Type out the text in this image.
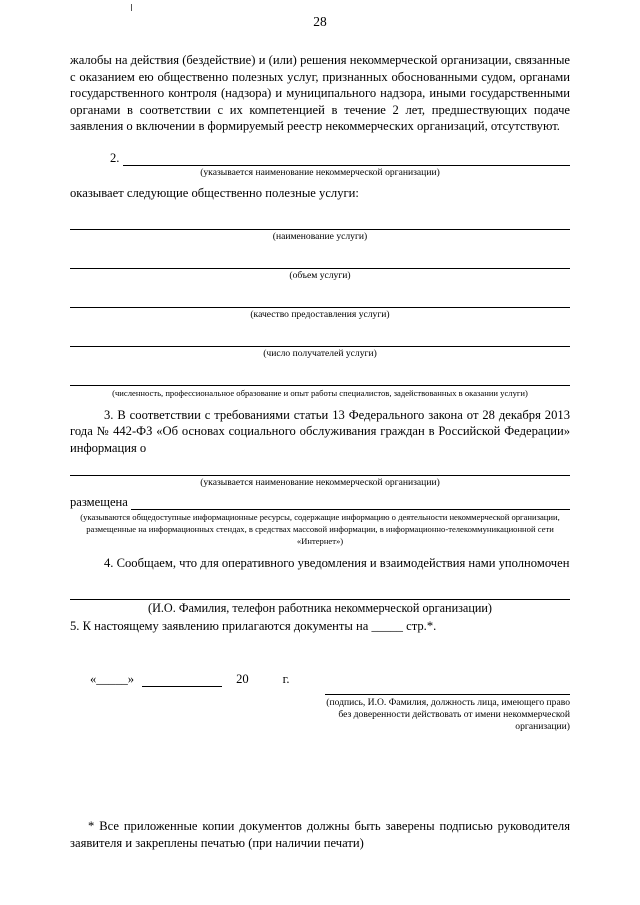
28

жалобы на действия (бездействие) и (или) решения некоммерческой организации, связанные с оказанием ею общественно полезных услуг, признанных обоснованными судом, органами государственного контроля (надзора) и муниципального надзора, иными государственными органами в соответствии с их компетенцией в течение 2 лет, предшествующих подаче заявления о включении в формируемый реестр некоммерческих организаций, отсутствуют.

2.
(указывается наименование некоммерческой организации)

оказывает следующие общественно полезные услуги:

(наименование услуги)
(объем услуги)
(качество предоставления услуги)
(число получателей услуги)
(численность, профессиональное образование и опыт работы специалистов, задействованных в оказании услуги)

3. В соответствии с требованиями статьи 13 Федерального закона от 28 декабря 2013 года № 442-ФЗ «Об основах социального обслуживания граждан в Российской Федерации» информация о

(указывается наименование некоммерческой организации)
размещена
(указываются общедоступные информационные ресурсы, содержащие информацию о деятельности некоммерческой организации, размещенные на информационных стендах, в средствах массовой информации, в информационно-телекоммуникационной сети «Интернет»)

4. Сообщаем, что для оперативного уведомления и взаимодействия нами уполномочен

(И.О. Фамилия, телефон работника некоммерческой организации)

5. К настоящему заявлению прилагаются документы на _____ стр.*.

«_____»	20	г.
(подпись, И.О. Фамилия, должность лица, имеющего право без доверенности действовать от имени некоммерческой организации)
* Все приложенные копии документов должны быть заверены подписью руководителя заявителя и закреплены печатью (при наличии печати)
